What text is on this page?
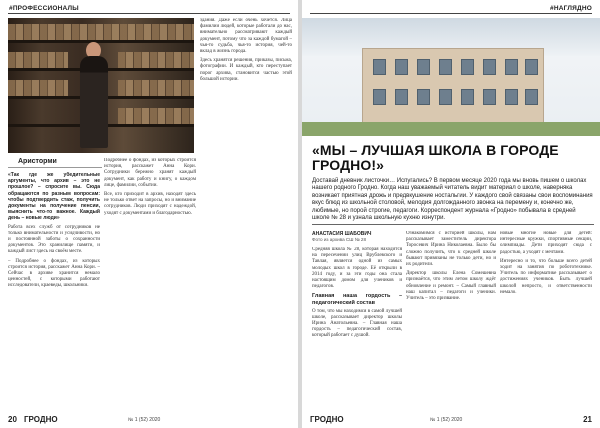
#ПРОФЕССИОНАЛЫ
Аристорми

«Так где же убедительные аргументы, что архив – это не прошлое? – спросите вы. Сюда обращаются по разным вопросам: чтобы подтвердить стаж, получить документы на получение пенсии, выяснить что-то важное. Каждый день – новые люди»

Работа всех служб от сотрудников не только внимательности и усидчивости, но и постоянной заботы о сохранности документов. Это хранилище памяти, и каждый лист здесь на своём месте.

– Подробнее о фондах, из которых строится история, расскажет Анна Кори. – Сейчас в архиве хранится немало ценностей, с которыми работают исследователи, краеведы, школьники.

Подробнее о фондах, из которых строится история, расскажет Анна Кори. Сотрудники бережно хранят каждый документ, как работу и книгу, о каждом лице, фамилии, событии.

Все, кто приходит в архив, находят здесь не только ответ на запросы, но и внимание сотрудников. Люди приходят с надеждой, уходят с документами и благодарностью.

здания. Даже если очень хочется. Лица фамилии людей, которые работали до нас, внимательно рассматривают каждый документ, потому что за каждой бумагой – чья-то судьба, чья-то история, чей-то вклад в жизнь города.

Здесь хранятся решения, приказы, письма, фотографии. И каждый, кто переступает порог архива, становится частью этой большой истории.

20 ГРОДНО	№ 1 (52) 2020
#НАГЛЯДНО
«МЫ – ЛУЧШАЯ ШКОЛА В ГОРОДЕ ГРОДНО!»
Доставай дневник листочки… Испугались? В первом месяце 2020 года мы вновь пишем о школах нашего родного Гродно. Когда наш уважаемый читатель видит материал о школе, наверняка возникает приятная дрожь и предвкушение ностальгии. У каждого свой связаны свои воспоминания вкус блюд из школьной столовой, мелодия долгожданного звонка на перемену и, конечно же, любимые, но порой строгие, педагоги. Корреспондент журнала «Гродно» побывала в средней школе № 28 и узнала школьную кухню изнутри.
АНАСТАСИЯ ШАБОВИЧ
Фото из архива СШ № 28

Средняя школа № 28, которая находится на пересечении улиц Врублевского и Тавлая, является одной из самых молодых школ в городе. Её открыли в 2014 году, и за эти годы она стала настоящим домом для учеников и педагогов.

Главная наша гордость – педагогический состав

О том, что мы находимся в самой лучшей школе, рассказывает директор школы Ирина Анатольевна. – Главная наша гордость – педагогический состав, который работает с душой.

Ознакомимся с историей школы, нам рассказывает заместитель директора Торосевич Ирина Николаевна. Было бы сложно получить, что к средней школе бывают привязаны не только дети, но и их родители.

Директор школы Елена Сомешевна признаётся, что этим летом школу ждёт обновление и ремонт. – Самый главный наш капитал – педагоги и ученики. Учитель – это призвание.

новые многие новые для детей: интересные кружки, спортивные секции, олимпиады. Дети приходят сюда с радостью, а уходят с мечтами.

Интересно и то, что больше всего детей ходит на занятия по робототехнике. Учитель по информатике рассказывает о достижениях учеников. Быть лучшей школой непросто, и ответственности немало.

ГРОДНО	№ 1 (52) 2020	21
